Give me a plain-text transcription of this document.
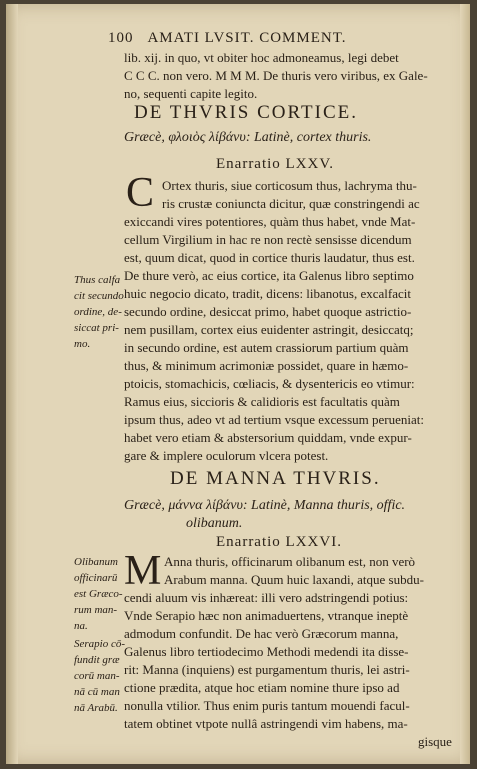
100 AMATI LVSIT. COMMENT.
lib. xij. in quo, vt obiter hoc admoneamus, legi debet
C C C. non vero. M M M. De thuris vero viribus, ex Gale-
no, sequenti capite legito.
DE THVRIS CORTICE.
Græcè, φλοιὸς λίβάνυ: Latinè, cortex thuris.
Enarratio LXXV.
C Ortex thuris, siue corticosum thus, lachryma thu-
ris crustæ coniuncta dicitur, quæ constringendi ac
exiccandi vires potentiores, quàm thus habet, vnde Mat-
cellum Virgilium in hac re non rectè sensisse dicendum
est, quum dicat, quod in cortice thuris laudatur, thus est.
De thure verò, ac eius cortice, ita Galenus libro septimo
huic negocio dicato, tradit, dicens: libanotus, excalfacit
secundo ordine, desiccat primo, habet quoque astrictio-
nem pusillam, cortex eius euidenter astringit, desiccatq;
in secundo ordine, est autem crassiorum partium quàm
thus, & minimum acrimoniæ possidet, quare in hæmo-
ptoicis, stomachicis, cœliacis, & dysentericis eo vtimur:
Ramus eius, siccioris & calidioris est facultatis quàm
ipsum thus, adeo vt ad tertium vsque excessum perueniat:
habet vero etiam & abstersorium quiddam, vnde expur-
gare & implere oculorum vlcera potest.
Thus calfa
cit secundo
ordine, de-
siccat pri-
mo.
DE MANNA THVRIS.
Græcè, μάννα λίβάνυ: Latinè, Manna thuris, offic.
olibanum.
Enarratio LXXVI.
M Anna thuris, officinarum olibanum est, non verò
Arabum manna. Quum huic laxandi, atque subdu-
cendi aluum vis inhæreat: illi vero adstringendi potius:
Vnde Serapio hæc non animaduertens, vtranque ineptè
admodum confundit. De hac verò Græcorum manna,
Galenus libro tertiodecimo Methodi medendi ita disse-
rit: Manna (inquiens) est purgamentum thuris, lei astri-
ctione prædita, atque hoc etiam nomine thure ipso ad
nonulla vtilior. Thus enim puris tantum mouendi facul-
tatem obtinet vtpote nullâ astringendi vim habens, ma-
gisque
Olibanum
officinarū
est Græco-
rum man-
na.
Serapio cō-
fundit græ
corū man-
nā cū man
nā Arabū.
